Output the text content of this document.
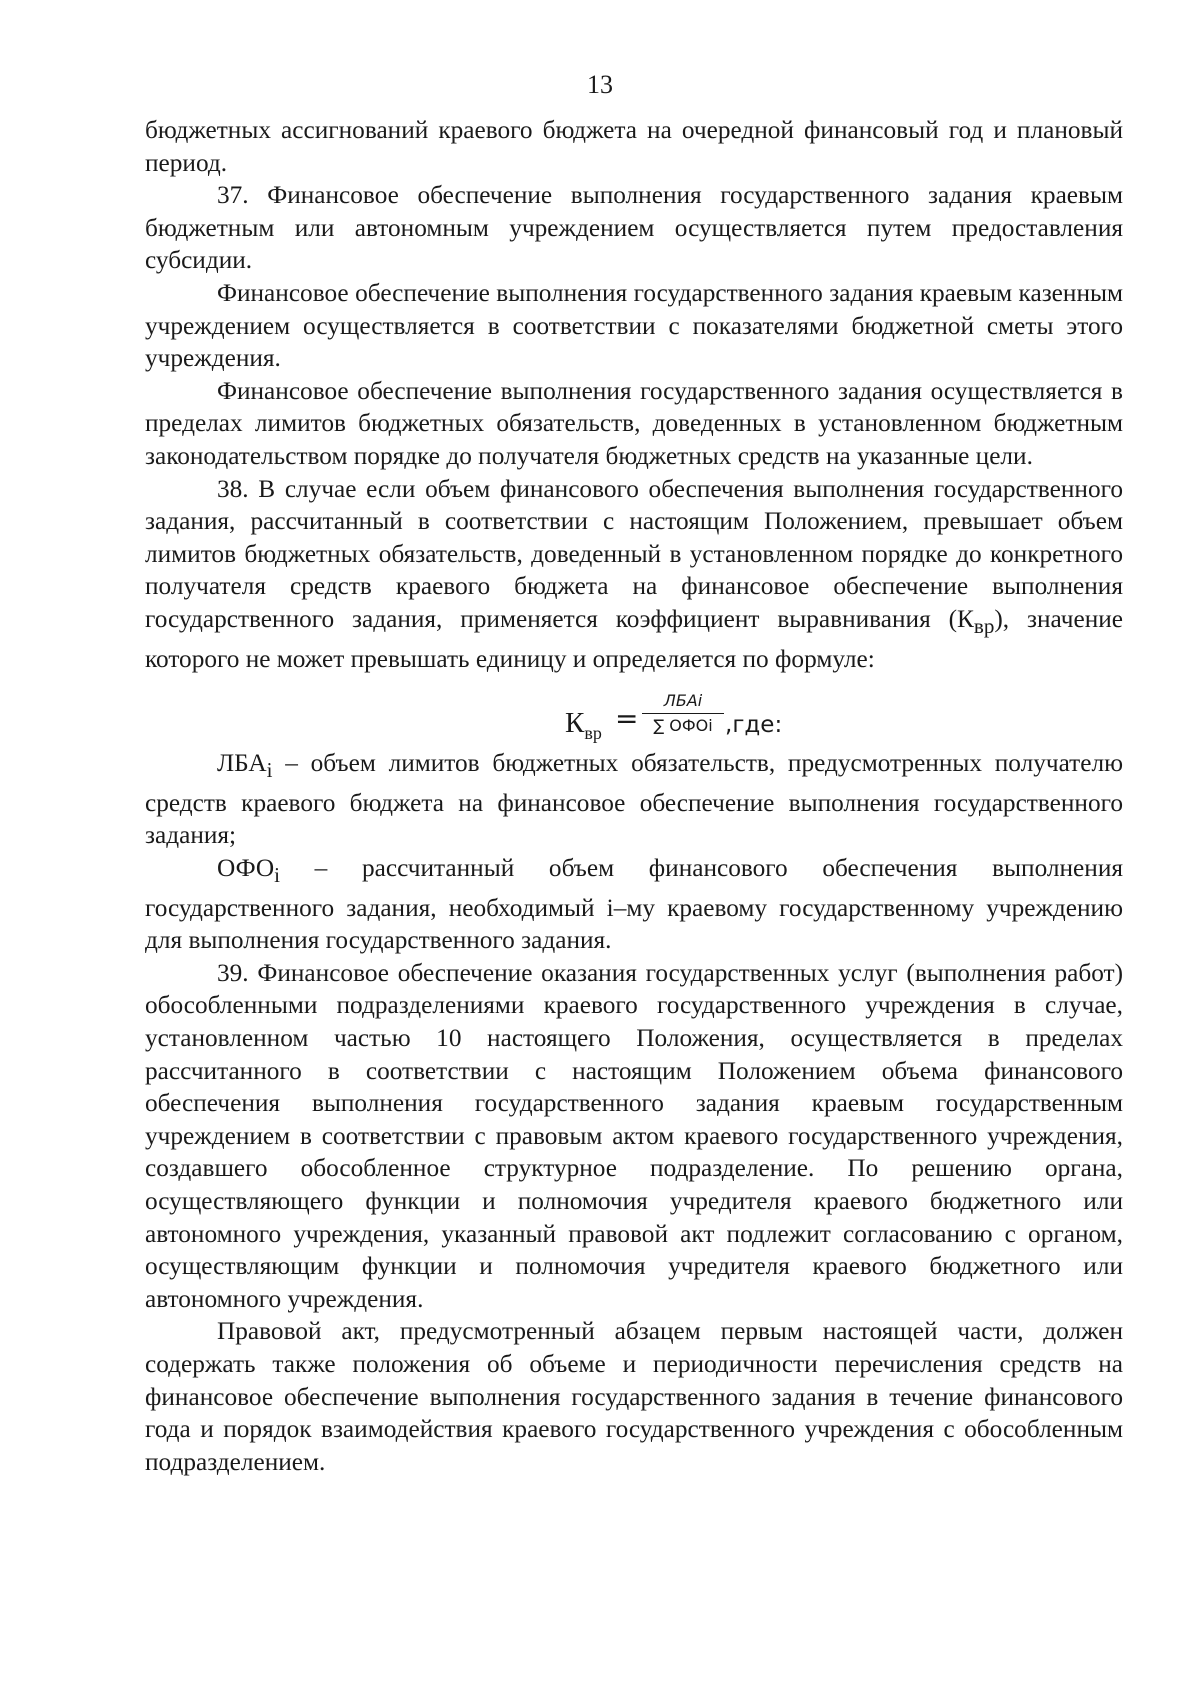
13

бюджетных ассигнований краевого бюджета на очередной финансовый год и плановый период.

37. Финансовое обеспечение выполнения государственного задания краевым бюджетным или автономным учреждением осуществляется путем предоставления субсидии.

Финансовое обеспечение выполнения государственного задания краевым казенным учреждением осуществляется в соответствии с показателями бюджетной сметы этого учреждения.

Финансовое обеспечение выполнения государственного задания осуществляется в пределах лимитов бюджетных обязательств, доведенных в установленном бюджетным законодательством порядке до получателя бюджетных средств на указанные цели.

38. В случае если объем финансового обеспечения выполнения государственного задания, рассчитанный в соответствии с настоящим Положением, превышает объем лимитов бюджетных обязательств, доведенный в установленном порядке до конкретного получателя средств краевого бюджета на финансовое обеспечение выполнения государственного задания, применяется коэффициент выравнивания $(К_{вр})$, значение которого не может превышать единицу и определяется по формуле:

$К_{вр}$ =
ЛБАi
∑ ОФОi ,где:

$ЛБА_i$ – объем лимитов бюджетных обязательств, предусмотренных получателю средств краевого бюджета на финансовое обеспечение выполнения государственного задания;

$ОФО_i$ – рассчитанный объем финансового обеспечения выполнения государственного задания, необходимый i–му краевому государственному учреждению для выполнения государственного задания.

39. Финансовое обеспечение оказания государственных услуг (выполнения работ) обособленными подразделениями краевого государственного учреждения в случае, установленном частью 10 настоящего Положения, осуществляется в пределах рассчитанного в соответствии с настоящим Положением объема финансового обеспечения выполнения государственного задания краевым государственным учреждением в соответствии с правовым актом краевого государственного учреждения, создавшего обособленное структурное подразделение. По решению органа, осуществляющего функции и полномочия учредителя краевого бюджетного или автономного учреждения, указанный правовой акт подлежит согласованию с органом, осуществляющим функции и полномочия учредителя краевого бюджетного или автономного учреждения.

Правовой акт, предусмотренный абзацем первым настоящей части, должен содержать также положения об объеме и периодичности перечисления средств на финансовое обеспечение выполнения государственного задания в течение финансового года и порядок взаимодействия краевого государственного учреждения с обособленным подразделением.
